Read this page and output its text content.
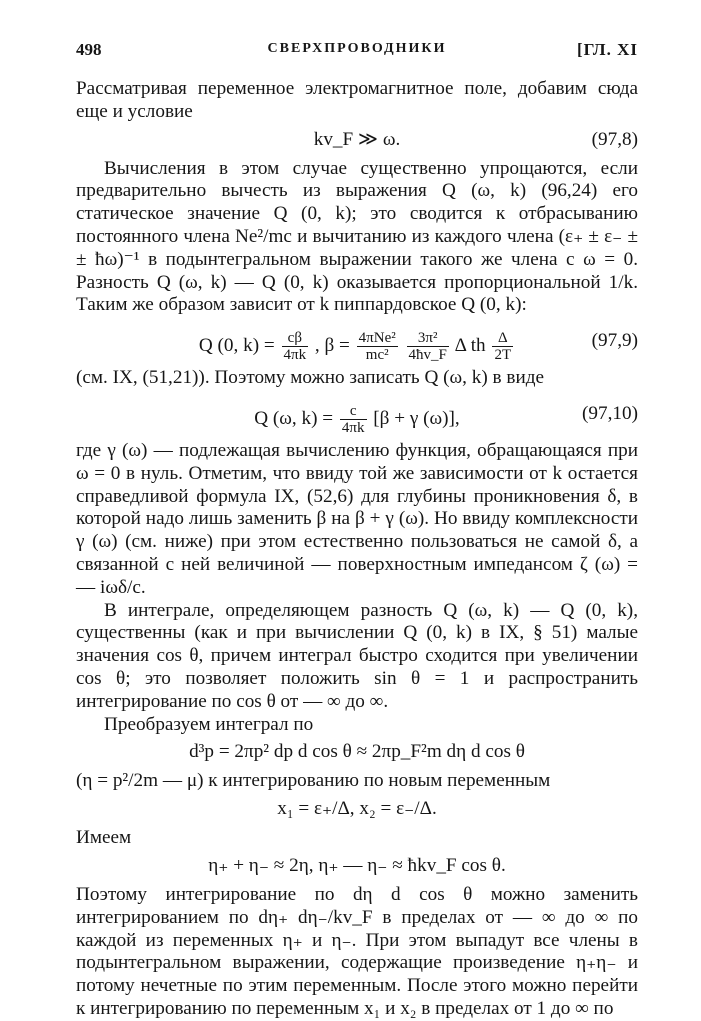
498	СВЕРХПРОВОДНИКИ	[ГЛ. XI

Рассматривая переменное электромагнитное поле, добавим сюда еще и условие

kv_F ≫ ω.	(97,8)

Вычисления в этом случае существенно упрощаются, если предварительно вычесть из выражения Q (ω, k) (96,24) его статическое значение Q (0, k); это сводится к отбрасыванию постоянного члена Ne²/mc и вычитанию из каждого члена (ε₊ ± ε₋ ± ± ħω)⁻¹ в подынтегральном выражении такого же члена с ω = 0. Разность Q (ω, k) — Q (0, k) оказывается пропорциональной 1/k. Таким же образом зависит от k пиппардовское Q (0, k):

Q (0, $k) = \frac{c\beta}{4\pi k}$ , $\beta = \frac{\text{4πNe²}}{\text{mc²}}$
$\frac{\text{3π²}}{4ħv\_F}$ Δ th $\frac{\Delta}{2T}$	(97,9)

(см. IX, (51,21)). Поэтому можно записать Q (ω, k) в виде

Q (ω, $k) = \frac{c}{4\pi k} [\beta + \gamma$ (ω)],	(97,10)

где γ (ω) — подлежащая вычислению функция, обращающаяся при ω = 0 в нуль. Отметим, что ввиду той же зависимости от k остается справедливой формула IX, (52,6) для глубины проникновения δ, в которой надо лишь заменить β на β + γ (ω). Но ввиду комплексности γ (ω) (см. ниже) при этом естественно пользоваться не самой δ, а связанной с ней величиной — поверхностным импедансом ζ (ω) = — iωδ/c.

В интеграле, определяющем разность Q (ω, k) — Q (0, k), существенны (как и при вычислении Q (0, k) в IX, § 51) малые значения cos θ, причем интеграл быстро сходится при увеличении cos θ; это позволяет положить sin θ = 1 и распространить интегрирование по cos θ от — ∞ до ∞.

Преобразуем интеграл по

d³p = 2πp² dp d cos θ ≈ 2πp_F²m dη d cos θ

(η = p²/2m — μ) к интегрированию по новым переменным

x₁ = ε₊/Δ, x₂ = ε₋/Δ.

Имеем

η₊ + η₋ ≈ 2η, η₊ — η₋ ≈ ħkv_F cos θ.

Поэтому интегрирование по dη d cos θ можно заменить интегрированием по dη₊ dη₋/kv_F в пределах от — ∞ до ∞ по каждой из переменных η₊ и η₋. При этом выпадут все члены в подынтегральном выражении, содержащие произведение η₊η₋ и потому нечетные по этим переменным. После этого можно перейти к интегрированию по переменным x₁ и x₂ в пределах от 1 до ∞ по
